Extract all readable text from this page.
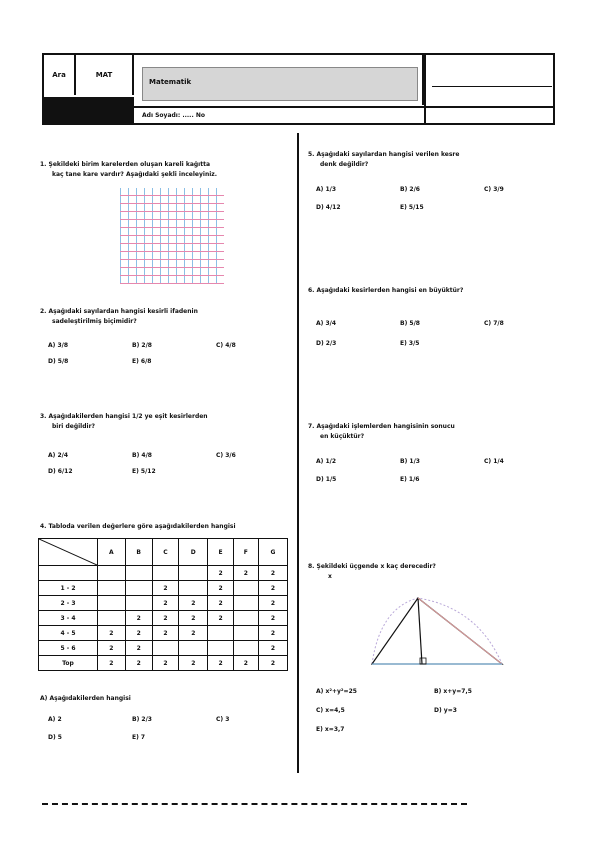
Ara	MAT
Matematik
Adı Soyadı: ..... No
1. Şekildeki birim karelerden oluşan kareli kağıtta
kaç tane kare vardır? Aşağıdaki şekli inceleyiniz.
2. Aşağıdaki sayılardan hangisi kesirli ifadenin
sadeleştirilmiş biçimidir?
A) 3/8	B) 2/8	C) 4/8
D) 5/8	E) 6/8
3. Aşağıdakilerden hangisi 1/2 ye eşit kesirlerden
biri değildir?
A) 2/4	B) 4/8	C) 3/6
D) 6/12	E) 5/12
4. Tabloda verilen değerlere göre aşağıdakilerden hangisi
	A	B	C	D	E	F	G
					2	2	2
1 - 2			2		2		2
2 - 3			2	2	2		2
3 - 4		2	2	2	2		2
4 - 5	2	2	2	2			2
5 - 6	2	2					2
Top	2	2	2	2	2	2	2
A) Aşağıdakilerden hangisi
A) 2	B) 2/3	C) 3
D) 5	E) 7
5. Aşağıdaki sayılardan hangisi verilen kesre
denk değildir?
A) 1/3	B) 2/6	C) 3/9
D) 4/12	E) 5/15
6. Aşağıdaki kesirlerden hangisi en büyüktür?
A) 3/4	B) 5/8	C) 7/8
D) 2/3	E) 3/5
7. Aşağıdaki işlemlerden hangisinin sonucu
en küçüktür?
A) 1/2	B) 1/3	C) 1/4
D) 1/5	E) 1/6
8. Şekildeki üçgende x kaç derecedir?
x
A) x²+y²=25	B) x+y=7,5
C) x=4,5	D) y=3
E) x=3,7
